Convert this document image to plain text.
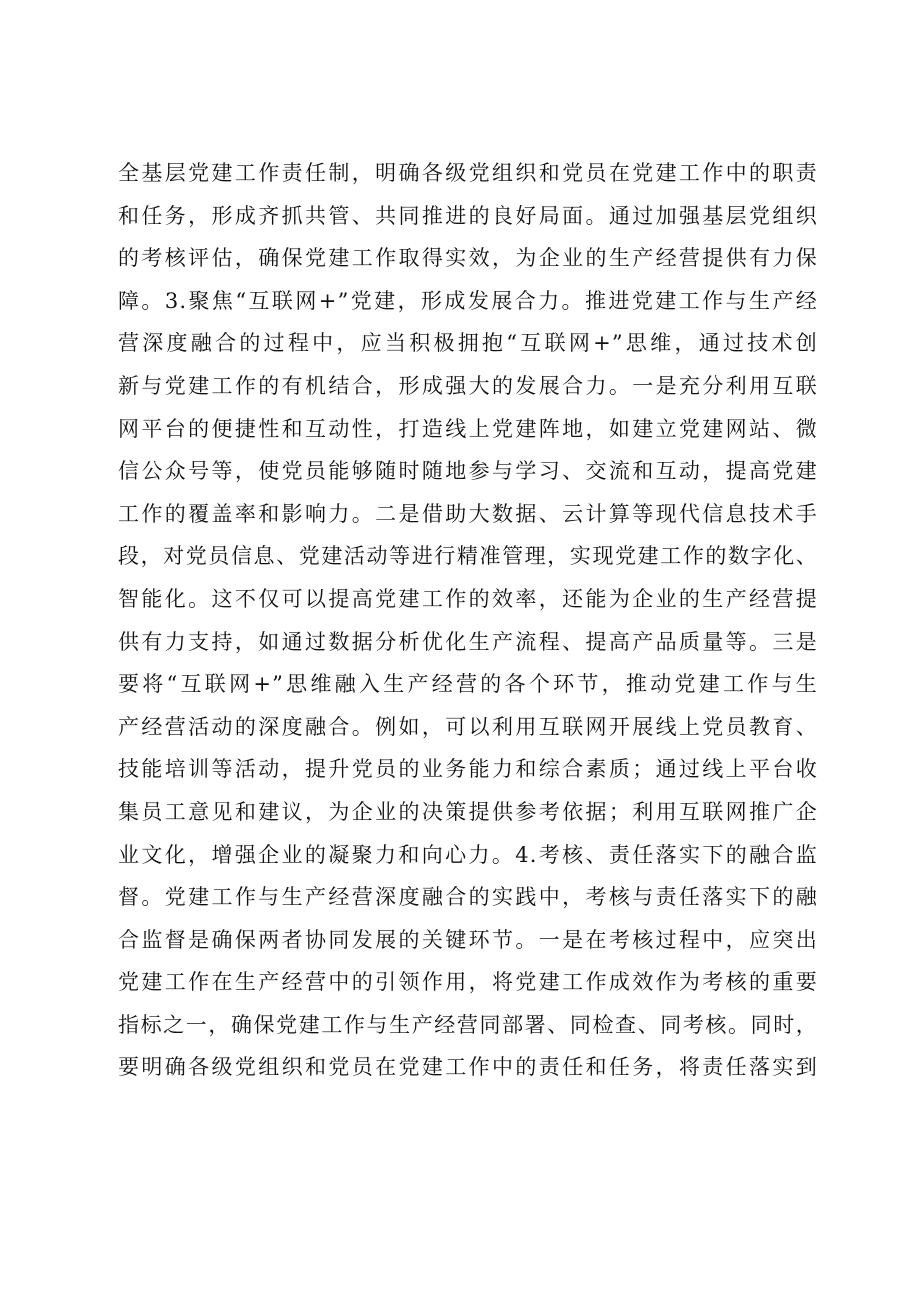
全基层党建工作责任制，明确各级党组织和党员在党建工作中的职责
和任务，形成齐抓共管、共同推进的良好局面。通过加强基层党组织
的考核评估，确保党建工作取得实效，为企业的生产经营提供有力保
障。3.聚焦“互联网+”党建，形成发展合力。推进党建工作与生产经
营深度融合的过程中，应当积极拥抱“互联网+”思维，通过技术创
新与党建工作的有机结合，形成强大的发展合力。一是充分利用互联
网平台的便捷性和互动性，打造线上党建阵地，如建立党建网站、微
信公众号等，使党员能够随时随地参与学习、交流和互动，提高党建
工作的覆盖率和影响力。二是借助大数据、云计算等现代信息技术手
段，对党员信息、党建活动等进行精准管理，实现党建工作的数字化、
智能化。这不仅可以提高党建工作的效率，还能为企业的生产经营提
供有力支持，如通过数据分析优化生产流程、提高产品质量等。三是
要将“互联网+”思维融入生产经营的各个环节，推动党建工作与生
产经营活动的深度融合。例如，可以利用互联网开展线上党员教育、
技能培训等活动，提升党员的业务能力和综合素质；通过线上平台收
集员工意见和建议，为企业的决策提供参考依据；利用互联网推广企
业文化，增强企业的凝聚力和向心力。4.考核、责任落实下的融合监
督。党建工作与生产经营深度融合的实践中，考核与责任落实下的融
合监督是确保两者协同发展的关键环节。一是在考核过程中，应突出
党建工作在生产经营中的引领作用，将党建工作成效作为考核的重要
指标之一，确保党建工作与生产经营同部署、同检查、同考核。同时，
要明确各级党组织和党员在党建工作中的责任和任务，将责任落实到
